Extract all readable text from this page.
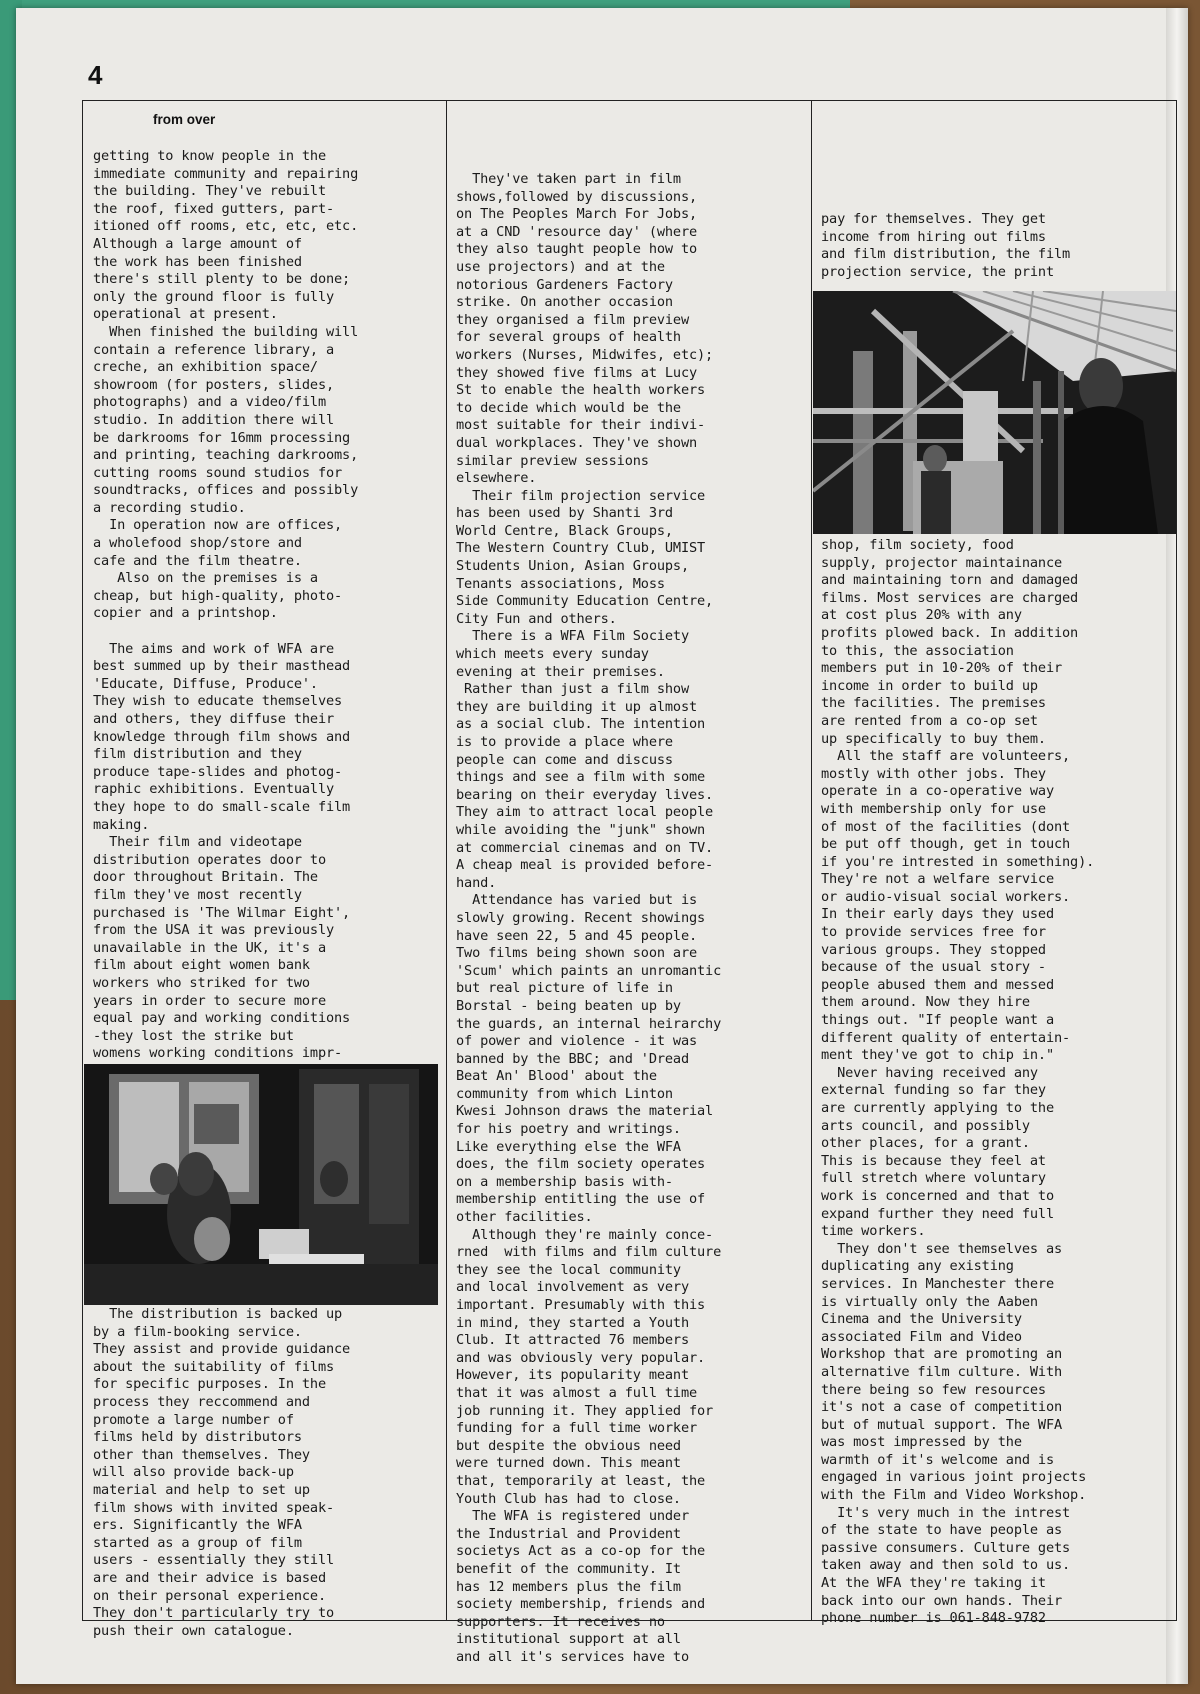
4
from over

getting to know people in the

immediate community and repairing

the building. They've rebuilt

the roof, fixed gutters, part-

itioned off rooms, etc, etc, etc.

Although a large amount of

the work has been finished

there's still plenty to be done;

only the ground floor is fully

operational at present.

When finished the building will

contain a reference library, a

creche, an exhibition space/

showroom (for posters, slides,

photographs) and a video/film

studio. In addition there will

be darkrooms for 16mm processing

and printing, teaching darkrooms,

cutting rooms sound studios for

soundtracks, offices and possibly

a recording studio.

In operation now are offices,

a wholefood shop/store and

cafe and the film theatre.

Also on the premises is a

cheap, but high-quality, photo-

copier and a printshop.

The aims and work of WFA are

best summed up by their masthead

'Educate, Diffuse, Produce'.

They wish to educate themselves

and others, they diffuse their

knowledge through film shows and

film distribution and they

produce tape-slides and photog-

raphic exhibitions. Eventually

they hope to do small-scale film

making.

Their film and videotape

distribution operates door to

door throughout Britain. The

film they've most recently

purchased is 'The Wilmar Eight',

from the USA it was previously

unavailable in the UK, it's a

film about eight women bank

workers who striked for two

years in order to secure more

equal pay and working conditions

-they lost the strike but

womens working conditions impr-

The distribution is backed up

by a film-booking service.

They assist and provide guidance

about the suitability of films

for specific purposes. In the

process they reccommend and

promote a large number of

films held by distributors

other than themselves. They

will also provide back-up

material and help to set up

film shows with invited speak-

ers. Significantly the WFA

started as a group of film

users - essentially they still

are and their advice is based

on their personal experience.

They don't particularly try to

push their own catalogue.

They've taken part in film

shows,followed by discussions,

on The Peoples March For Jobs,

at a CND 'resource day' (where

they also taught people how to

use projectors) and at the

notorious Gardeners Factory

strike. On another occasion

they organised a film preview

for several groups of health

workers (Nurses, Midwifes, etc);

they showed five films at Lucy

St to enable the health workers

to decide which would be the

most suitable for their indivi-

dual workplaces. They've shown

similar preview sessions

elsewhere.

Their film projection service

has been used by Shanti 3rd

World Centre, Black Groups,

The Western Country Club, UMIST

Students Union, Asian Groups,

Tenants associations, Moss

Side Community Education Centre,

City Fun and others.

There is a WFA Film Society

which meets every sunday

evening at their premises.

Rather than just a film show

they are building it up almost

as a social club. The intention

is to provide a place where

people can come and discuss

things and see a film with some

bearing on their everyday lives.

They aim to attract local people

while avoiding the "junk" shown

at commercial cinemas and on TV.

A cheap meal is provided before-

hand.

Attendance has varied but is

slowly growing. Recent showings

have seen 22, 5 and 45 people.

Two films being shown soon are

'Scum' which paints an unromantic

but real picture of life in

Borstal - being beaten up by

the guards, an internal heirarchy

of power and violence - it was

banned by the BBC; and 'Dread

Beat An' Blood' about the

community from which Linton

Kwesi Johnson draws the material

for his poetry and writings.

Like everything else the WFA

does, the film society operates

on a membership basis with-

membership entitling the use of

other facilities.

Although they're mainly conce-

rned  with films and film culture

they see the local community

and local involvement as very

important. Presumably with this

in mind, they started a Youth

Club. It attracted 76 members

and was obviously very popular.

However, its popularity meant

that it was almost a full time

job running it. They applied for

funding for a full time worker

but despite the obvious need

were turned down. This meant

that, temporarily at least, the

Youth Club has had to close.

The WFA is registered under

the Industrial and Provident

societys Act as a co-op for the

benefit of the community. It

has 12 members plus the film

society membership, friends and

supporters. It receives no

institutional support at all

and all it's services have to

pay for themselves. They get

income from hiring out films

and film distribution, the film

projection service, the print

shop, film society, food

supply, projector maintainance

and maintaining torn and damaged

films. Most services are charged

at cost plus 20% with any

profits plowed back. In addition

to this, the association

members put in 10-20% of their

income in order to build up

the facilities. The premises

are rented from a co-op set

up specifically to buy them.

All the staff are volunteers,

mostly with other jobs. They

operate in a co-operative way

with membership only for use

of most of the facilities (dont

be put off though, get in touch

if you're intrested in something).

They're not a welfare service

or audio-visual social workers.

In their early days they used

to provide services free for

various groups. They stopped

because of the usual story -

people abused them and messed

them around. Now they hire

things out. "If people want a

different quality of entertain-

ment they've got to chip in."

Never having received any

external funding so far they

are currently applying to the

arts council, and possibly

other places, for a grant.

This is because they feel at

full stretch where voluntary

work is concerned and that to

expand further they need full

time workers.

They don't see themselves as

duplicating any existing

services. In Manchester there

is virtually only the Aaben

Cinema and the University

associated Film and Video

Workshop that are promoting an

alternative film culture. With

there being so few resources

it's not a case of competition

but of mutual support. The WFA

was most impressed by the

warmth of it's welcome and is

engaged in various joint projects

with the Film and Video Workshop.

It's very much in the intrest

of the state to have people as

passive consumers. Culture gets

taken away and then sold to us.

At the WFA they're taking it

back into our own hands. Their

phone number is 061-848-9782
